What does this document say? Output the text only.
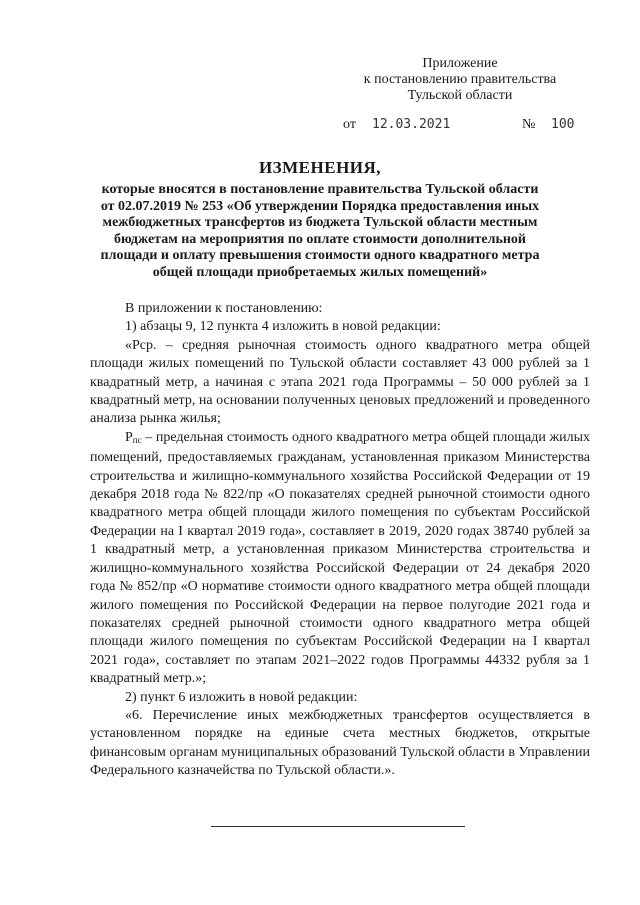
Приложение
к постановлению правительства
Тульской области
от 12.03.2021	№ 100
ИЗМЕНЕНИЯ,
которые вносятся в постановление правительства Тульской области от 02.07.2019 № 253 «Об утверждении Порядка предоставления иных межбюджетных трансфертов из бюджета Тульской области местным бюджетам на мероприятия по оплате стоимости дополнительной площади и оплату превышения стоимости одного квадратного метра общей площади приобретаемых жилых помещений»

В приложении к постановлению:

1) абзацы 9, 12 пункта 4 изложить в новой редакции:

«Рср. – средняя рыночная стоимость одного квадратного метра общей площади жилых помещений по Тульской области составляет 43 000 рублей за 1 квадратный метр, а начиная с этапа 2021 года Программы – 50 000 рублей за 1 квадратный метр, на основании полученных ценовых предложений и проведенного анализа рынка жилья;

$Р_{пс}$ – предельная стоимость одного квадратного метра общей площади жилых помещений, предоставляемых гражданам, установленная приказом Министерства строительства и жилищно-коммунального хозяйства Российской Федерации от 19 декабря 2018 года № 822/пр «О показателях средней рыночной стоимости одного квадратного метра общей площади жилого помещения по субъектам Российской Федерации на I квартал 2019 года», составляет в 2019, 2020 годах 38740 рублей за 1 квадратный метр, а установленная приказом Министерства строительства и жилищно-коммунального хозяйства Российской Федерации от 24 декабря 2020 года № 852/пр «О нормативе стоимости одного квадратного метра общей площади жилого помещения по Российской Федерации на первое полугодие 2021 года и показателях средней рыночной стоимости одного квадратного метра общей площади жилого помещения по субъектам Российской Федерации на I квартал 2021 года», составляет по этапам 2021–2022 годов Программы 44332 рубля за 1 квадратный метр.»;

2) пункт 6 изложить в новой редакции:

«6. Перечисление иных межбюджетных трансфертов осуществляется в установленном порядке на единые счета местных бюджетов, открытые финансовым органам муниципальных образований Тульской области в Управлении Федерального казначейства по Тульской области.».
